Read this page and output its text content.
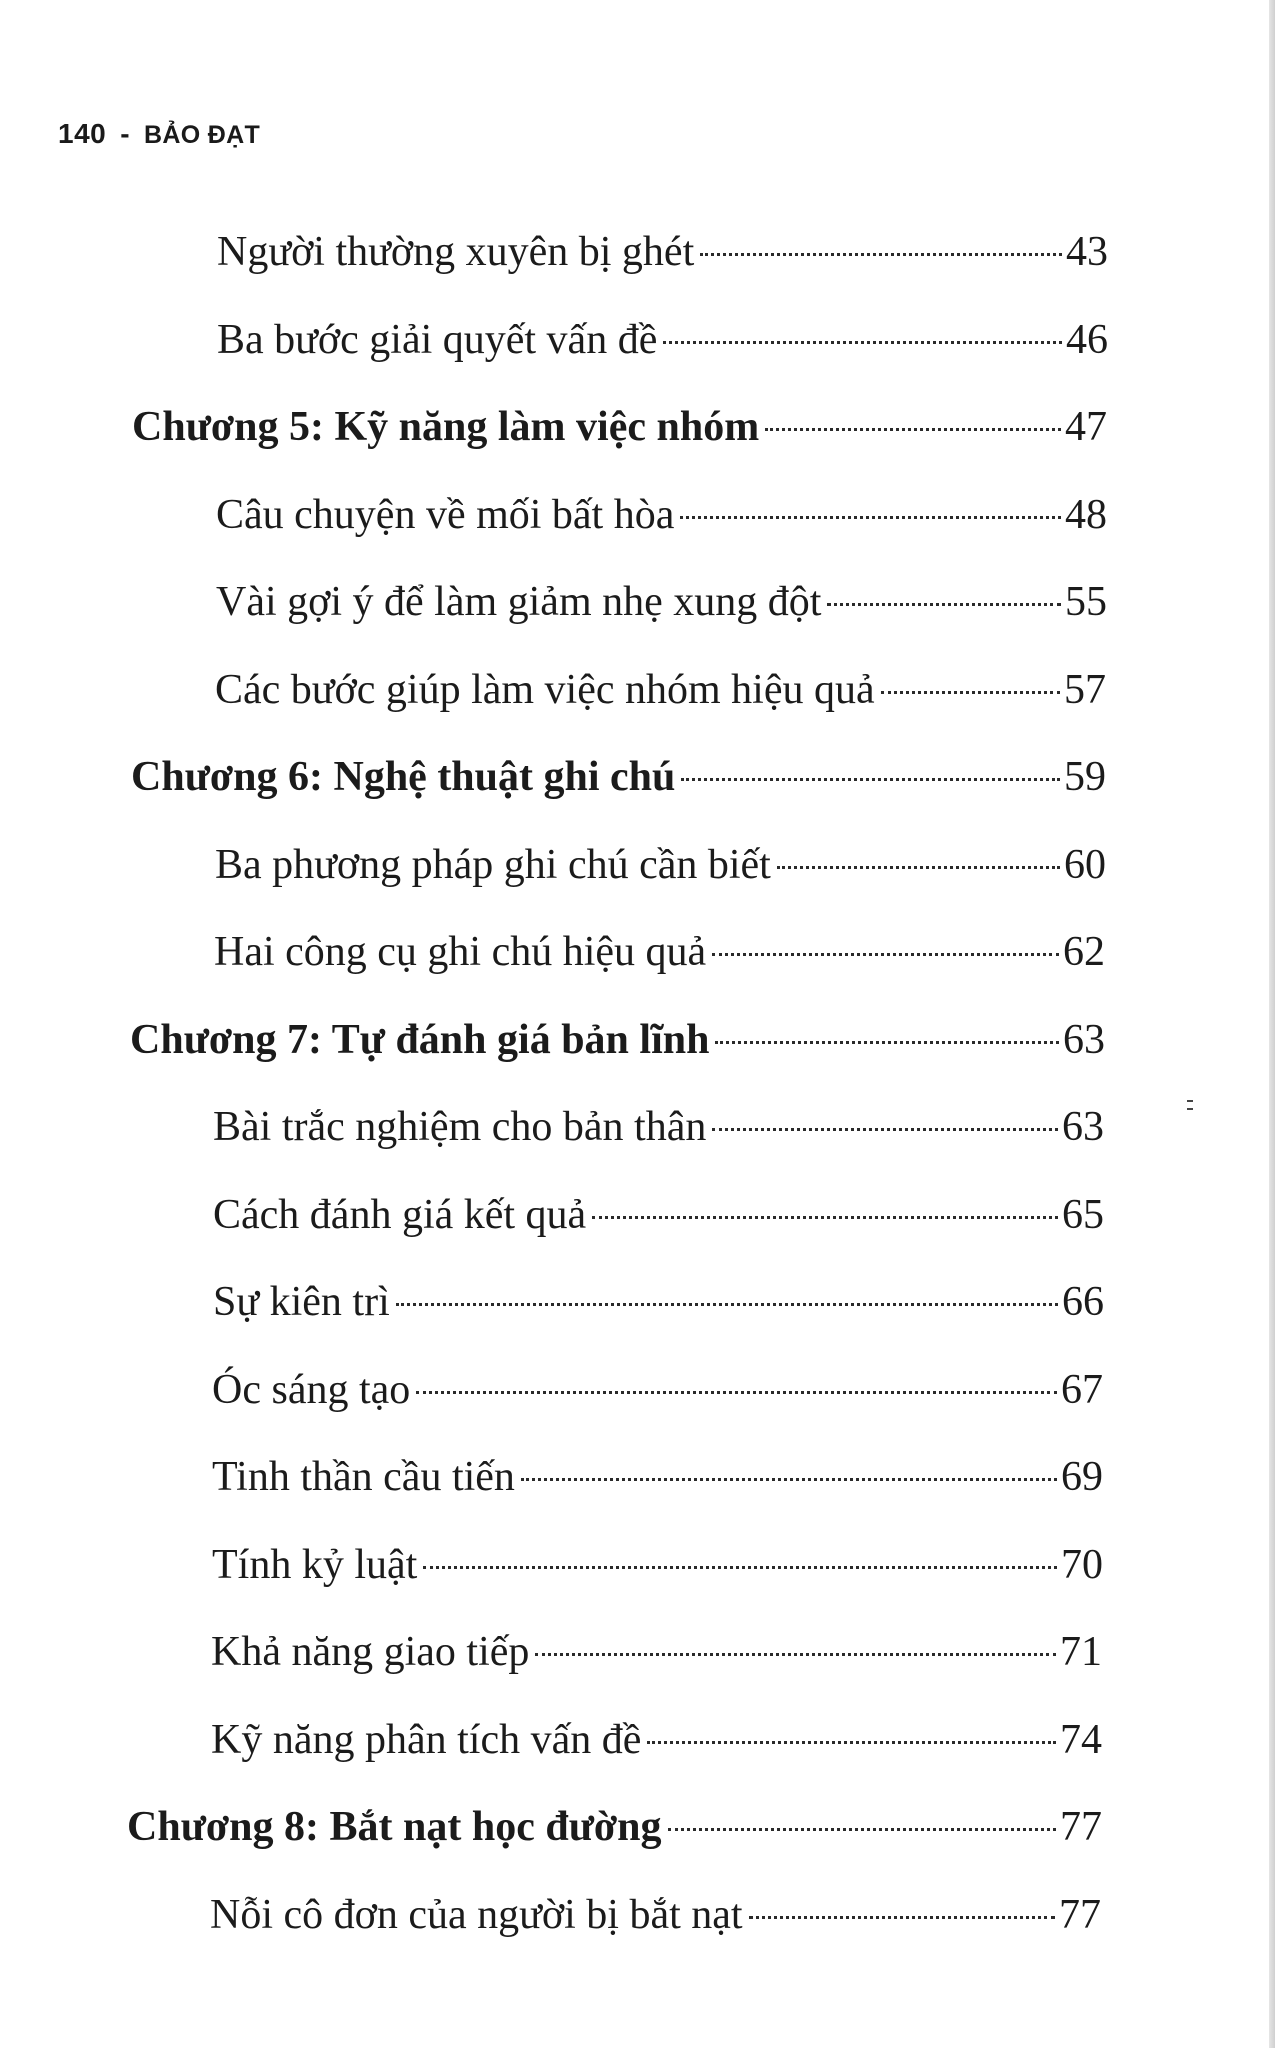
140 - BẢO ĐẠT
Người thường xuyên bị ghét	43
Ba bước giải quyết vấn đề	46
Chương 5: Kỹ năng làm việc nhóm	47
Câu chuyện về mối bất hòa	48
Vài gợi ý để làm giảm nhẹ xung đột	55
Các bước giúp làm việc nhóm hiệu quả	57
Chương 6: Nghệ thuật ghi chú	59
Ba phương pháp ghi chú cần biết	60
Hai công cụ ghi chú hiệu quả	62
Chương 7: Tự đánh giá bản lĩnh	63
Bài trắc nghiệm cho bản thân	63
Cách đánh giá kết quả	65
Sự kiên trì	66
Óc sáng tạo	67
Tinh thần cầu tiến	69
Tính kỷ luật	70
Khả năng giao tiếp	71
Kỹ năng phân tích vấn đề	74
Chương 8: Bắt nạt học đường	77
Nỗi cô đơn của người bị bắt nạt	77
